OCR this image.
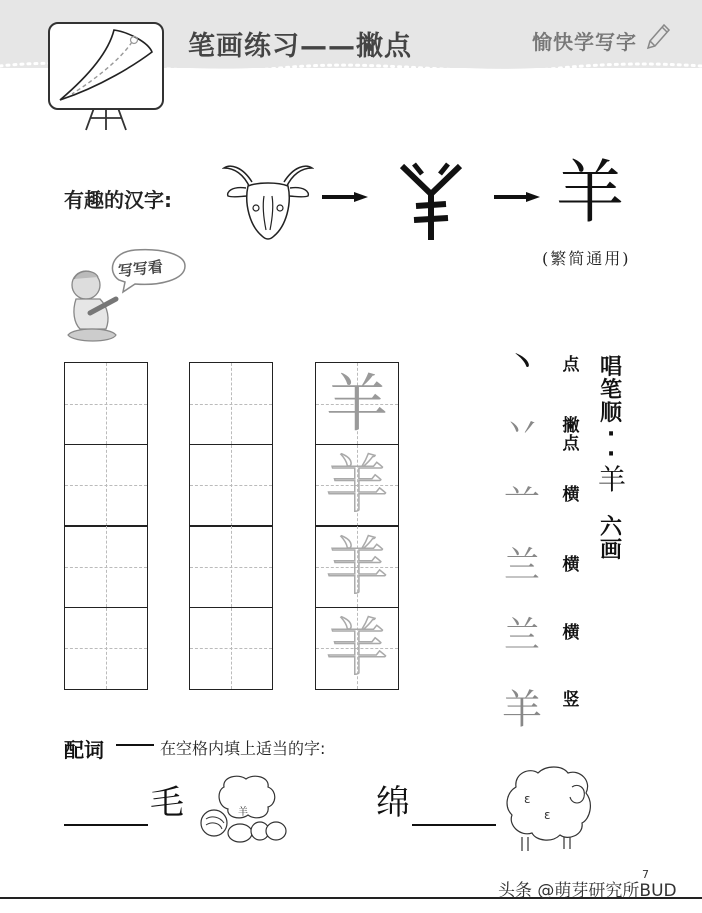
笔画练习——撇点	愉快学写字
有趣的汉字:	羊
(繁简通用)
写写看
羊
羊
羊
羊
丶 点
丷 撇点
䒑 横
兰 横
兰 横
羊 竖
唱
笔
顺
·
·
羊
六
画
配词	在空格内填上适当的字:
毛	羊	绵	ε
ε
7
头条 @萌芽研究所BUD
